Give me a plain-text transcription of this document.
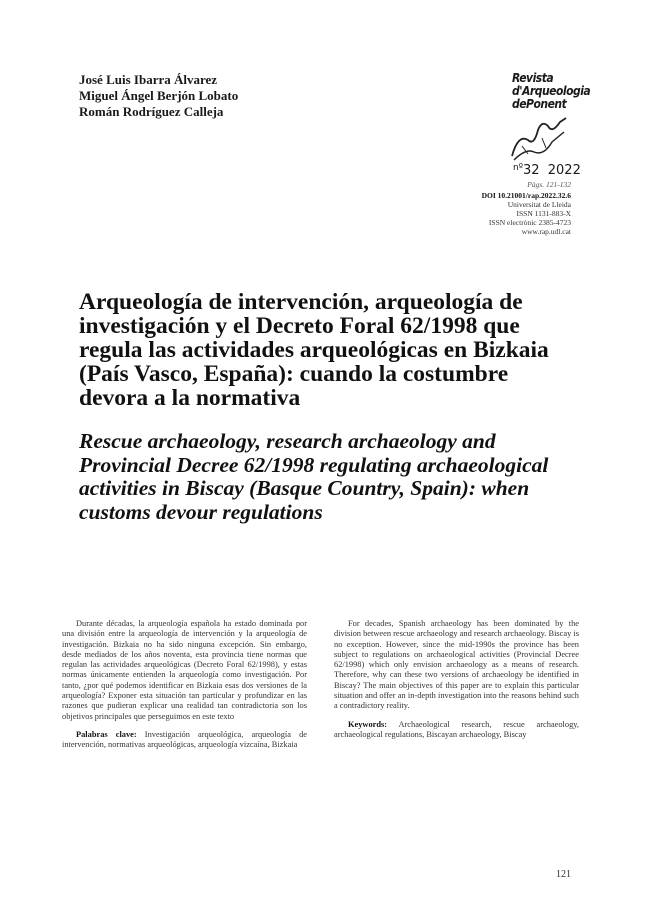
José Luis Ibarra Álvarez
Miguel Ángel Berjón Lobato
Román Rodríguez Calleja
Revista
d'Arqueologia
dePonent
$^{nº}$32 2022
Pàgs. 121-132
DOI 10.21001/rap.2022.32.6
Universitat de Lleida
ISSN 1131-883-X
ISSN electrònic 2385-4723
www.rap.udl.cat
Arqueología de intervención, arqueología de investigación y el Decreto Foral 62/1998 que regula las actividades arqueológicas en Bizkaia (País Vasco, España): cuando la costumbre devora a la normativa
Rescue archaeology, research archaeology and Provincial Decree 62/1998 regulating archaeological activities in Biscay (Basque Country, Spain): when customs devour regulations

Durante décadas, la arqueología española ha estado dominada por una división entre la arqueología de intervención y la arqueología de investigación. Bizkaia no ha sido ninguna excepción. Sin embargo, desde mediados de los años noventa, esta provincia tiene normas que regulan las actividades arqueológicas (Decreto Foral 62/1998), y estas normas únicamente entienden la arqueología como investigación. Por tanto, ¿por qué podemos identificar en Bizkaia esas dos versiones de la arqueología? Exponer esta situación tan particular y profundizar en las razones que pudieran explicar una realidad tan contradictoria son los objetivos principales que perseguimos en este texto

Palabras clave: Investigación arqueológica, arqueología de intervención, normativas arqueológicas, arqueología vizcaína, Bizkaia

For decades, Spanish archaeology has been dominated by the division between rescue archaeology and research archaeology. Biscay is no exception. However, since the mid-1990s the province has been subject to regulations on archaeological activities (Provincial Decree 62/1998) which only envision archaeology as a means of research. Therefore, why can these two versions of archaeology be identified in Biscay? The main objectives of this paper are to explain this particular situation and offer an in-depth investigation into the reasons behind such a contradictory reality.

Keywords: Archaeological research, rescue archaeology, archaeological regulations, Biscayan archaeology, Biscay

121
